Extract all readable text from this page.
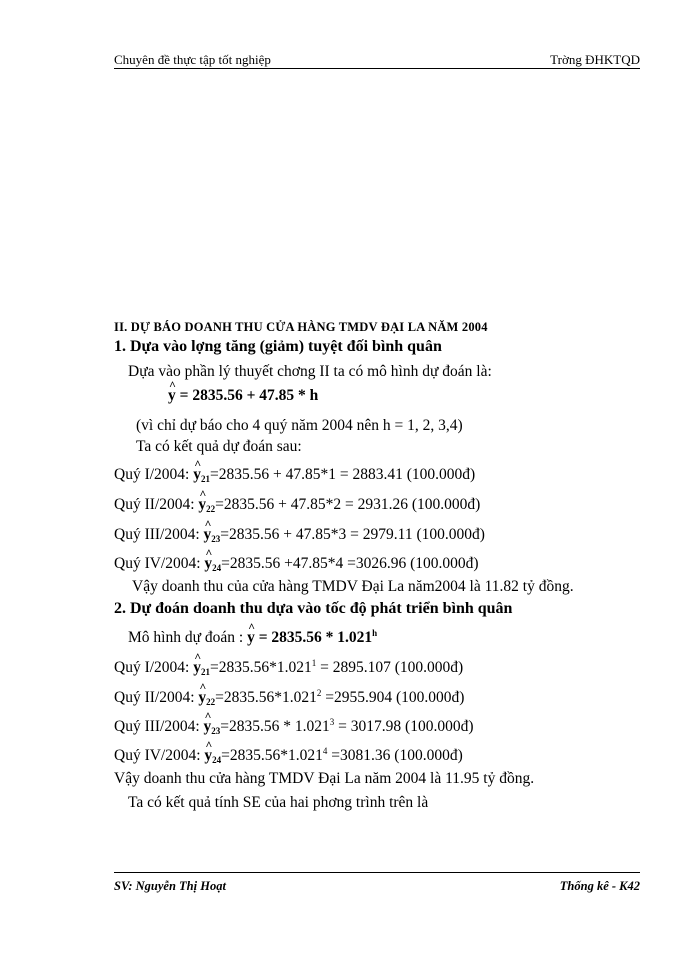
Chuyên đề thực tập tốt nghiệp	Trờng ĐHKTQD
II. DỰ BÁO DOANH THU CỬA HÀNG TMDV ĐẠI LA NĂM 2004
1. Dựa vào lợng tăng (giảm) tuyệt đối bình quân
Dựa vào phần lý thuyết chơng II ta có mô hình dự đoán là:
^ y = 2835.56 + 47.85 * h
(vì chỉ dự báo cho 4 quý năm 2004 nên h = 1, 2, 3,4)
Ta có kết quả dự đoán sau:
Quý I/2004: ^ y21=2835.56 + 47.85*1 = 2883.41 (100.000đ)
Quý II/2004: ^ y22=2835.56 + 47.85*2 = 2931.26 (100.000đ)
Quý III/2004: ^ y23=2835.56 + 47.85*3 = 2979.11 (100.000đ)
Quý IV/2004: ^ y24=2835.56 +47.85*4 =3026.96 (100.000đ)
Vậy doanh thu của cửa hàng TMDV Đại La năm2004 là 11.82 tỷ đồng.
2. Dự đoán doanh thu dựa vào tốc độ phát triển bình quân
Mô hình dự đoán : ^ y = 2835.56 * 1.021$^h$
Quý I/2004: ^ $y21=2835.56*1.021^1 = 2895.107$ (100.000đ)
Quý II/2004: ^ $y22=2835.56*1.021^2 =2955.904$ (100.000đ)
Quý III/2004: ^ $y23=2835.56 * 1.021^3 = 3017.98$ (100.000đ)
Quý IV/2004: ^ $y24=2835.56*1.021^4 =3081.36$ (100.000đ)
Vậy doanh thu cửa hàng TMDV Đại La năm 2004 là 11.95 tỷ đồng.
Ta có kết quả tính SE của hai phơng trình trên là
SV: Nguyễn Thị Hoạt	Thống kê - K42
